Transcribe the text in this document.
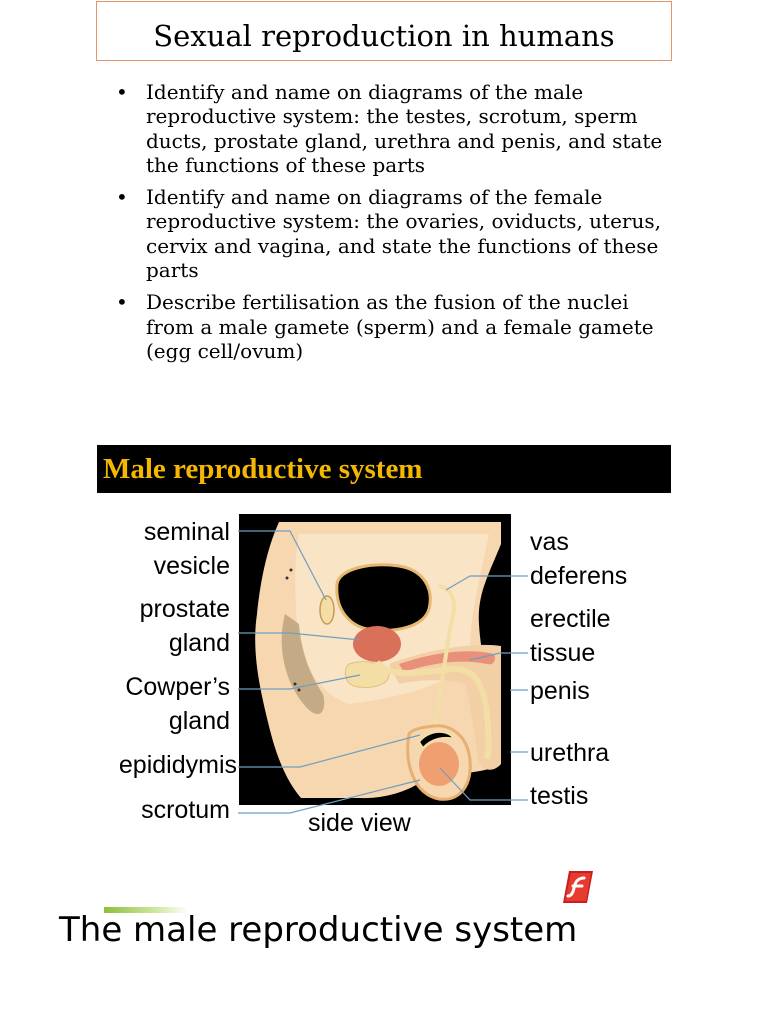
Sexual reproduction in humans
• Identify and name on diagrams of the male reproductive system: the testes, scrotum, sperm ducts, prostate gland, urethra and penis, and state the functions of these parts
• Identify and name on diagrams of the female reproductive system: the ovaries, oviducts, uterus, cervix and vagina, and state the functions of these parts
• Describe fertilisation as the fusion of the nuclei from a male gamete (sperm) and a female gamete (egg cell/ovum)
Male reproductive system
seminal
vesicle
prostate
gland
Cowper’s
gland
epididymis
scrotum
vas
deferens
erectile
tissue
penis
urethra
testis
side view
The male reproductive system
